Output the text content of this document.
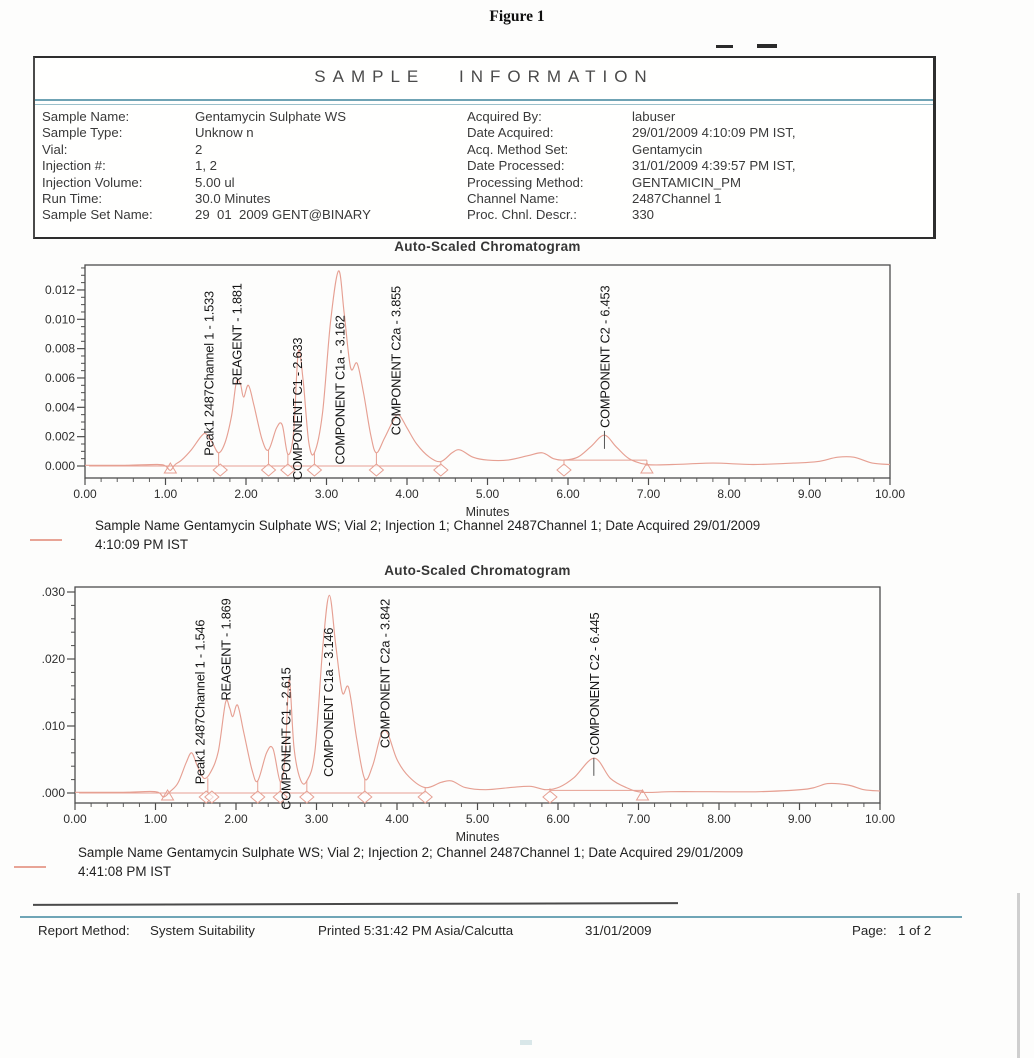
Figure 1
SAMPLE INFORMATION
Sample Name:	Gentamycin Sulphate WS
Sample Type:	Unknow n
Vial:	2
Injection #:	1, 2
Injection Volume:	5.00 ul
Run Time:	30.0 Minutes
Sample Set Name:	29  01  2009 GENT@BINARY
Acquired By:	labuser
Date Acquired:	29/01/2009 4:10:09 PM IST,
Acq. Method Set:	Gentamycin
Date Processed:	31/01/2009 4:39:57 PM IST,
Processing Method:	GENTAMICIN_PM
Channel Name:	2487Channel 1
Proc. Chnl. Descr.:	330
Auto-Scaled Chromatogram
0.012
0.010
0.008
0.006
0.004
0.002
0.000
0.00	1.00	2.00	3.00	4.00	5.00	6.00	7.00	8.00	9.00	10.00
Minutes
Peak1 2487Channel 1 - 1.533 REAGENT - 1.881
COMPONENT C1 - 2.633 COMPONENT C1a - 3.162	COMPONENT C2a - 3.855	COMPONENT C2 - 6.453
Sample Name Gentamycin Sulphate WS; Vial 2; Injection 1; Channel 2487Channel 1; Date Acquired 29/01/2009
4:10:09 PM IST
Auto-Scaled Chromatogram
.030
.020
.010
.000
0.00	1.00	2.00	3.00	4.00	5.00	6.00	7.00	8.00	9.00	10.00
Minutes
Peak1 2487Channel 1 - 1.546 REAGENT - 1.869
COMPONENT C1 - 2.615 COMPONENT C1a - 3.146	COMPONENT C2a - 3.842	COMPONENT C2 - 6.445
Sample Name Gentamycin Sulphate WS; Vial 2; Injection 2; Channel 2487Channel 1; Date Acquired 29/01/2009
4:41:08 PM IST
Report Method: System Suitability	Printed 5:31:42 PM Asia/Calcutta	31/01/2009	Page: 1 of 2
